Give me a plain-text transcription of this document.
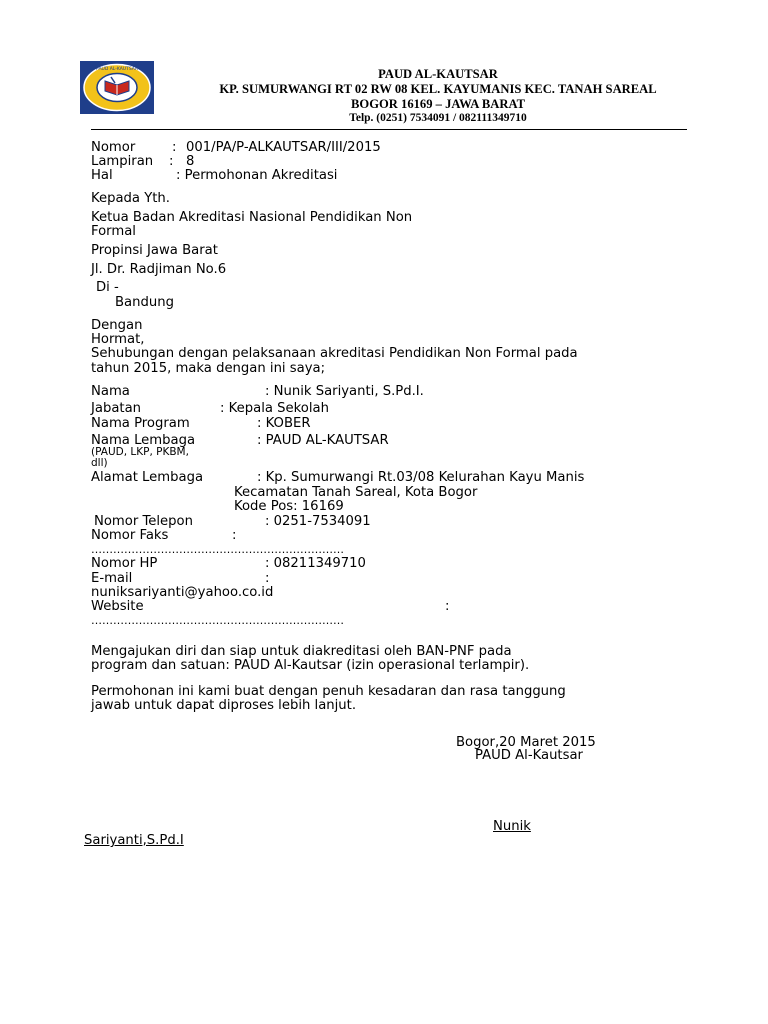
PAUD AL-KAUTSAR	PAUD AL-KAUTSAR
KP. SUMURWANGI RT 02 RW 08 KEL. KAYUMANIS KEC. TANAH SAREAL
BOGOR 16169 – JAWA BARAT
Telp. (0251) 7534091 / 082111349710
Nomor	: 001/PA/P-ALKAUTSAR/III/2015
Lampiran : 8
Hal	: Permohonan Akreditasi
Kepada Yth.
Ketua Badan Akreditasi Nasional Pendidikan Non
Formal
Propinsi Jawa Barat
Jl. Dr. Radjiman No.6
Di -
Bandung
Dengan
Hormat,
Sehubungan dengan pelaksanaan akreditasi Pendidikan Non Formal pada
tahun 2015, maka dengan ini saya;
Nama	: Nunik Sariyanti, S.Pd.I.
Jabatan	: Kepala Sekolah
Nama Program	: KOBER
Nama Lembaga	: PAUD AL-KAUTSAR
(PAUD, LKP, PKBM,
dll)
Alamat Lembaga	: Kp. Sumurwangi Rt.03/08 Kelurahan Kayu Manis
Kecamatan Tanah Sareal, Kota Bogor
Kode Pos: 16169
Nomor Telepon	: 0251-7534091
Nomor Faks	:
……………………………………………………………
Nomor HP	: 08211349710
E-mail	:
nuniksariyanti@yahoo.co.id
Website	:
……………………………………………………………
Mengajukan diri dan siap untuk diakreditasi oleh BAN-PNF pada
program dan satuan: PAUD Al-Kautsar (izin operasional terlampir).
Permohonan ini kami buat dengan penuh kesadaran dan rasa tanggung
jawab untuk dapat diproses lebih lanjut.
Bogor,20 Maret 2015
PAUD Al-Kautsar
Nunik
Sariyanti,S.Pd.I
